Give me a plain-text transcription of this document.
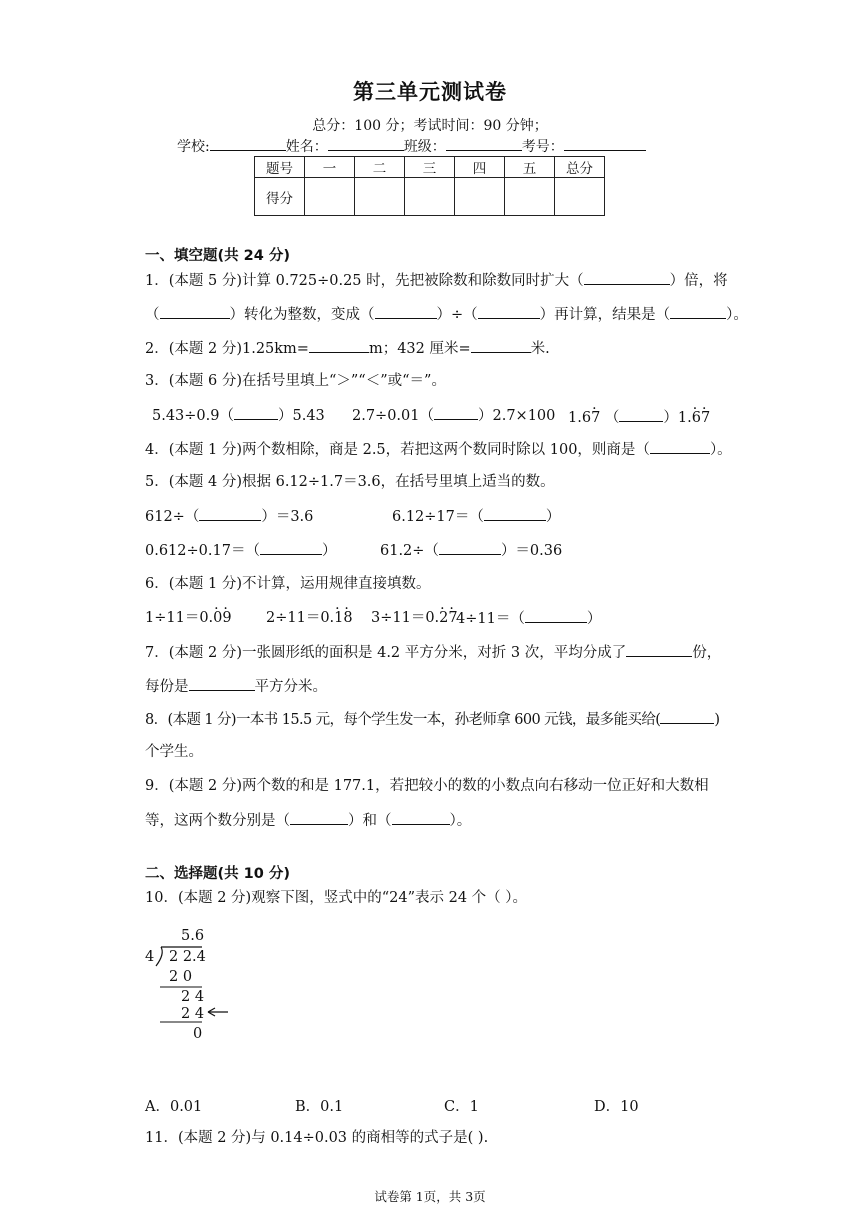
第三单元测试卷
总分：100 分；考试时间：90 分钟；
学校:	姓名：	班级：	考号：
题号	一	二	三	四	五	总分
得分						
一、填空题(共 24 分)
1．(本题 5 分)计算 0.725÷0.25 时，先把被除数和除数同时扩大（	）倍，将
（	）转化为整数，变成（	）÷（	）再计算，结果是（	）。
2．(本题 2 分)1.25km=	m；432 厘米=	米.
3．(本题 6 分)在括号里填上“＞”“＜”或“＝”。
5.43÷0.9（	）5.43 2.7÷0.01（	）2.7×100 1.67 · （	）1.6 ·7 ·
4．(本题 1 分)两个数相除，商是 2.5，若把这两个数同时除以 100，则商是（	）。
5．(本题 4 分)根据 6.12÷1.7＝3.6，在括号里填上适当的数。
612÷（	）＝3.6	6.12÷17＝（	）
0.612÷0.17＝（	）	61.2÷（	）＝0.36
6．(本题 1 分)不计算，运用规律直接填数。
1÷11＝0.0 ·9 · 2÷11＝0.1 ·8 · 3÷11＝0.2 ·7 ·
4÷11＝（	）
7．(本题 2 分)一张圆形纸的面积是 4.2 平方分米，对折 3 次，平均分成了	份，
每份是	平方分米。
8．(本题 1 分)一本书 15.5 元，每个学生发一本，孙老师拿 600 元钱，最多能买给(	)
个学生。
9．(本题 2 分)两个数的和是 177.1，若把较小的数的小数点向右移动一位正好和大数相
等，这两个数分别是（	）和（	）。
二、选择题(共 10 分)
10．(本题 2 分)观察下图，竖式中的“24”表示 24 个（ ）。
5.6
4 2 2.4
2 0
2 4
2 4
0
A．0.01	B．0.1	C．1	D．10
11．(本题 2 分)与 0.14÷0.03 的商相等的式子是( ).
试卷第 1页，共 3页
